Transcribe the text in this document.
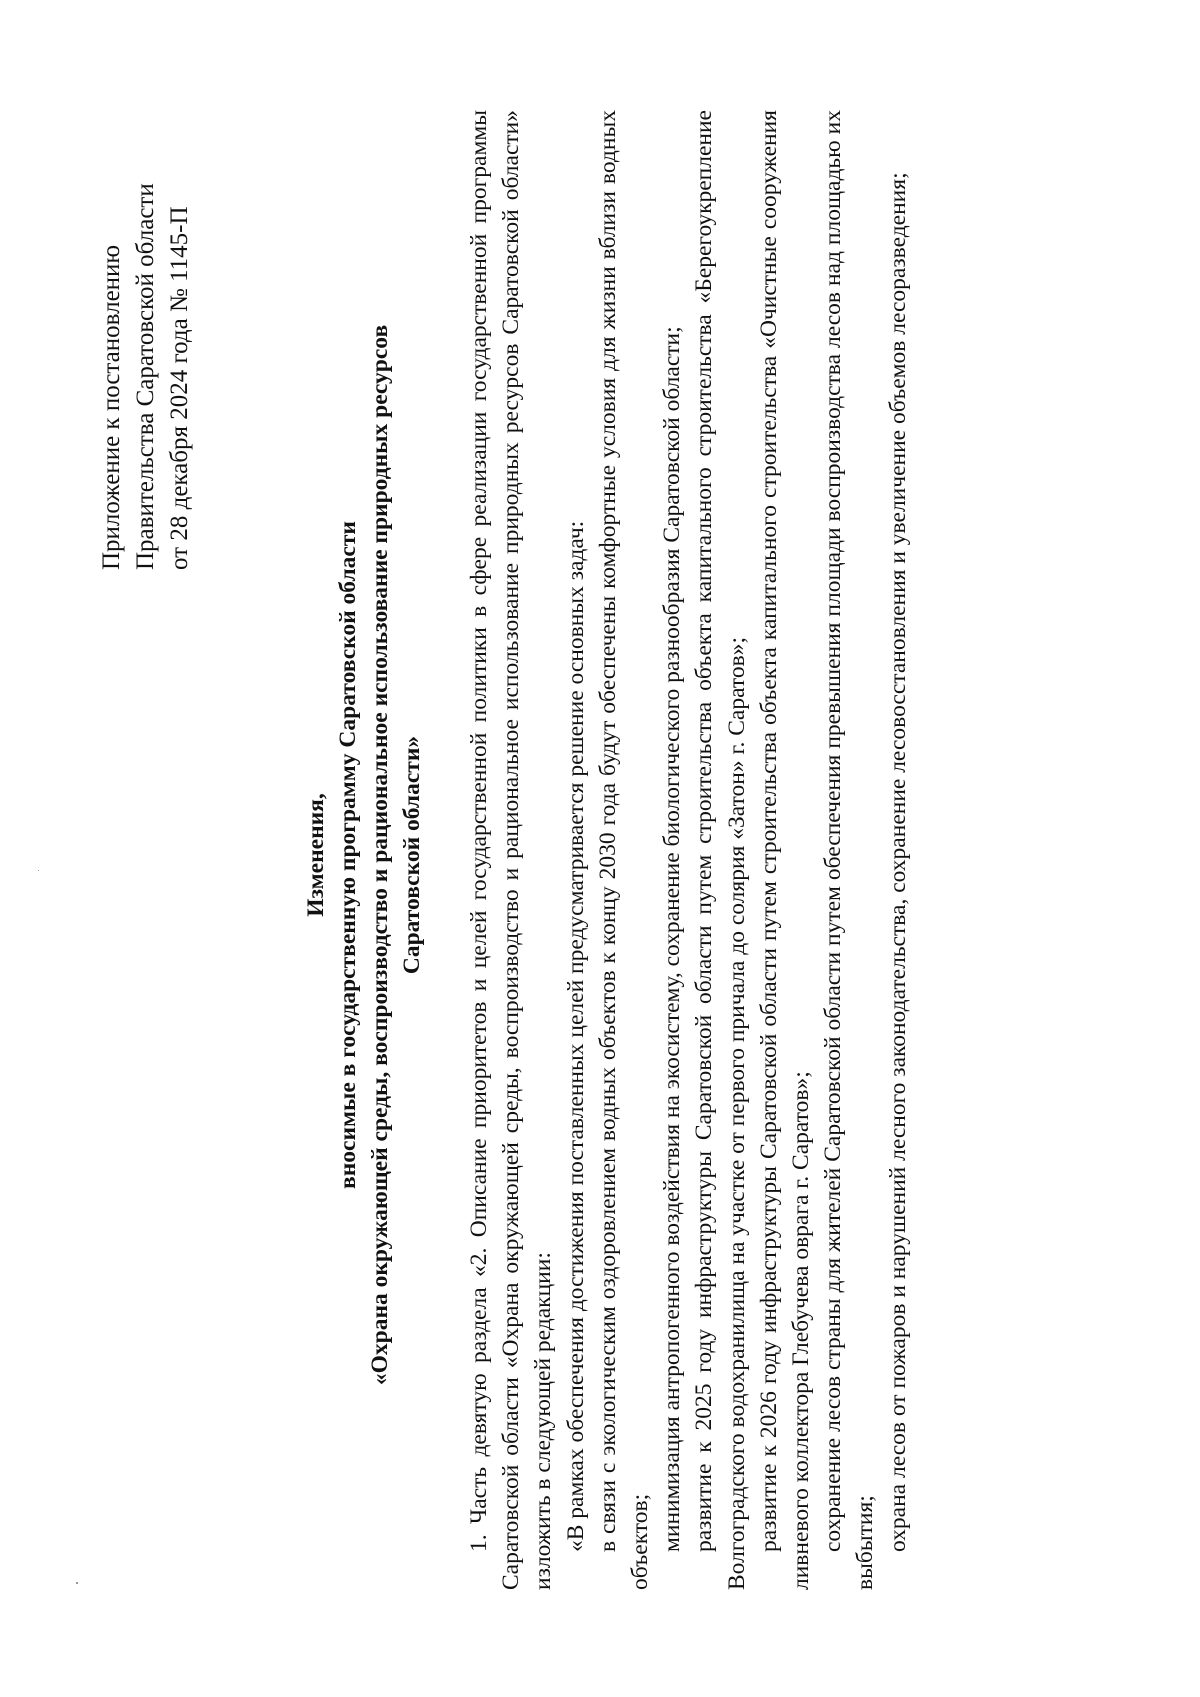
Приложение к постановлению Правительства Саратовской области от 28 декабря 2024 года № 1145-П
Изменения, вносимые в государственную программу Саратовской области «Охрана окружающей среды, воспроизводство и рациональное использование природных ресурсов Саратовской области» 1. Часть девятую раздела «2. Описание приоритетов и целей государственной политики в сфере реализации государственной программы Саратовской области «Охрана окружающей среды, воспроизводство и рациональное использование природных ресурсов Саратовской области» изложить в следующей редакции: «В рамках обеспечения достижения поставленных целей предусматривается решение основных задач: в связи с экологическим оздоровлением водных объектов к концу 2030 года будут обеспечены комфортные условия для жизни вблизи водных объектов; минимизация антропогенного воздействия на экосистему, сохранение биологического разнообразия Саратовской области; развитие к 2025 году инфраструктуры Саратовской области путем строительства объекта капитального строительства «Берегоукрепление Волгоградского водохранилища на участке от первого причала до солярия «Затон» г. Саратов»; развитие к 2026 году инфраструктуры Саратовской области путем строительства объекта капитального строительства «Очистные сооружения ливневого коллектора Глебучева оврага г. Саратов»; сохранение лесов страны для жителей Саратовской области путем обеспечения превышения площади воспроизводства лесов над площадью их выбытия; охрана лесов от пожаров и нарушений лесного законодательства, сохранение лесовосстановления и увеличение объемов лесоразведения;
